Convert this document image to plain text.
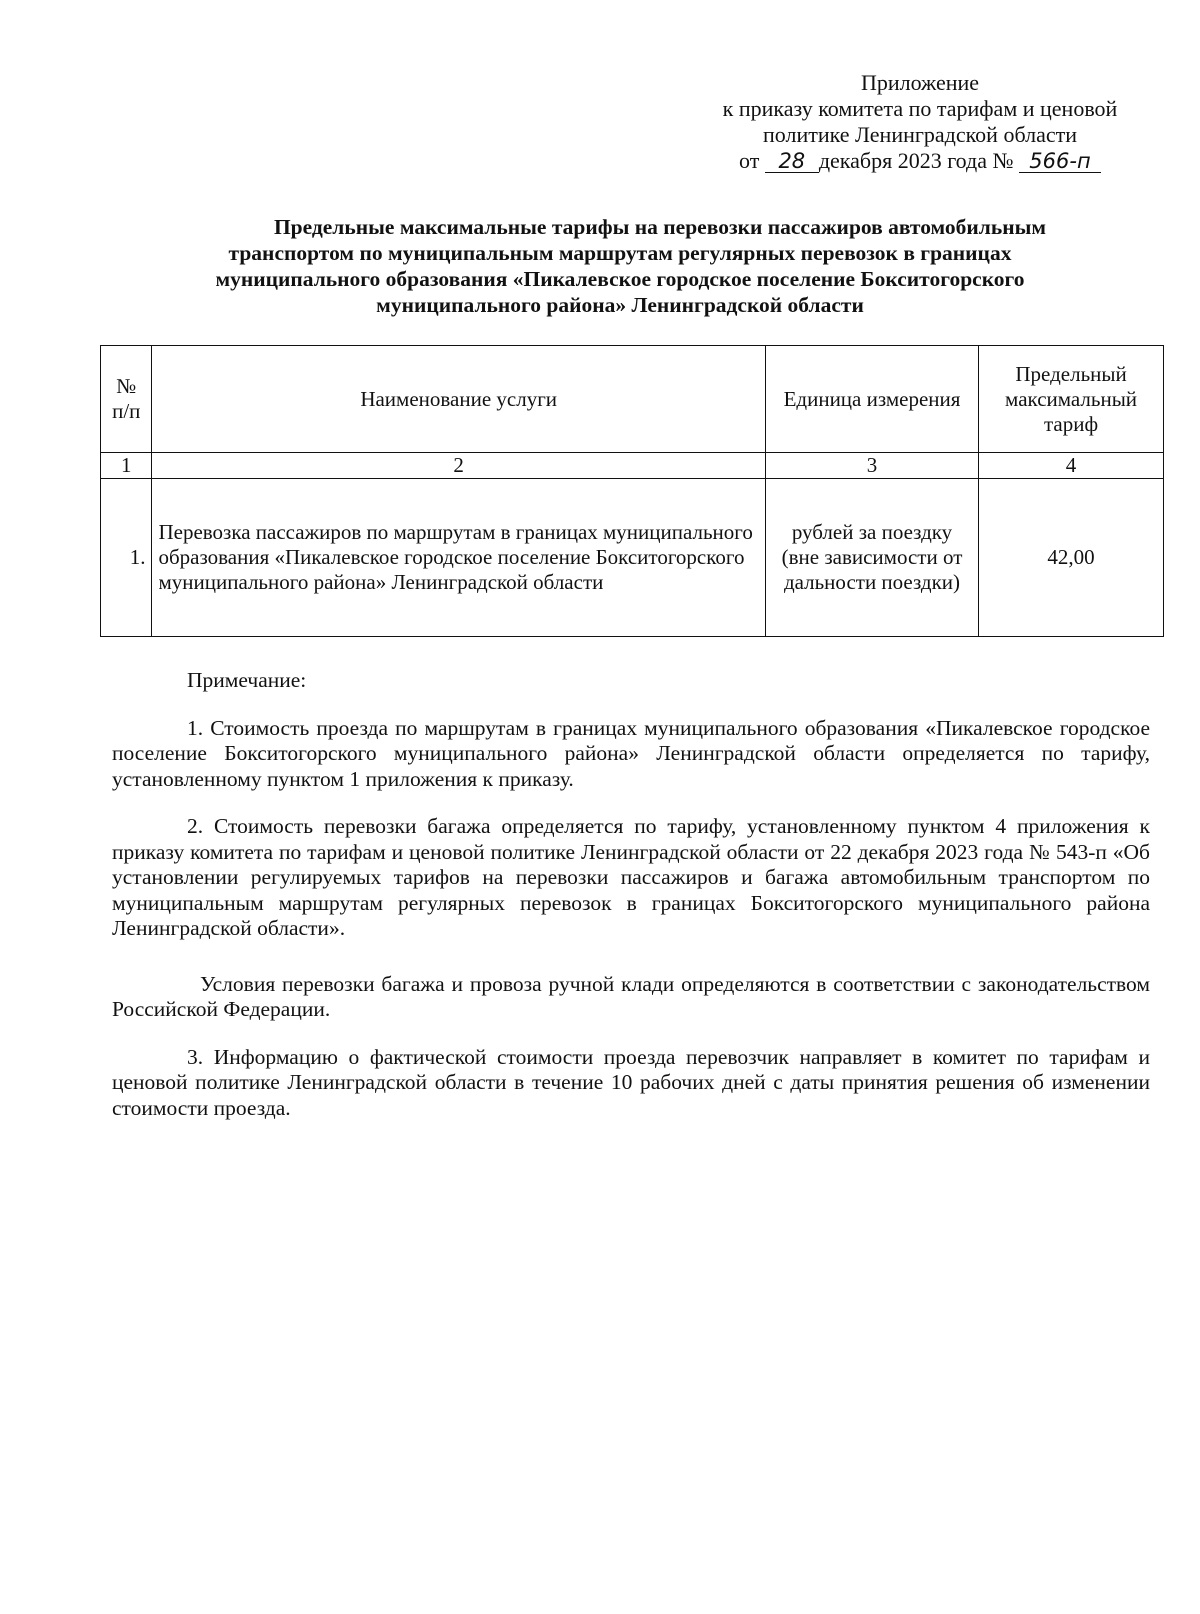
Приложение
к приказу комитета по тарифам и ценовой
политике Ленинградской области
от 28 декабря 2023 года № 566-п
Предельные максимальные тарифы на перевозки пассажиров автомобильным
транспортом по муниципальным маршрутам регулярных перевозок в границах
муниципального образования «Пикалевское городское поселение Бокситогорского
муниципального района» Ленинградской области
№ п/п	Наименование услуги	Единица измерения	Предельный максимальный тариф
1	2	3	4
1.	Перевозка пассажиров по маршрутам в границах муниципального образования «Пикалевское городское поселение Бокситогорского муниципального района» Ленинградской области	рублей за поездку (вне зависимости от дальности поездки)	42,00
Примечание:

1. Стоимость проезда по маршрутам в границах муниципального образования «Пикалевское городское поселение Бокситогорского муниципального района» Ленинградской области определяется по тарифу, установленному пунктом 1 приложения к приказу.

2. Стоимость перевозки багажа определяется по тарифу, установленному пунктом 4 приложения к приказу комитета по тарифам и ценовой политике Ленинградской области от 22 декабря 2023 года № 543-п «Об установлении регулируемых тарифов на перевозки пассажиров и багажа автомобильным транспортом по муниципальным маршрутам регулярных перевозок в границах Бокситогорского муниципального района Ленинградской области».

Условия перевозки багажа и провоза ручной клади определяются в соответствии с законодательством Российской Федерации.

3. Информацию о фактической стоимости проезда перевозчик направляет в комитет по тарифам и ценовой политике Ленинградской области в течение 10 рабочих дней с даты принятия решения об изменении стоимости проезда.
